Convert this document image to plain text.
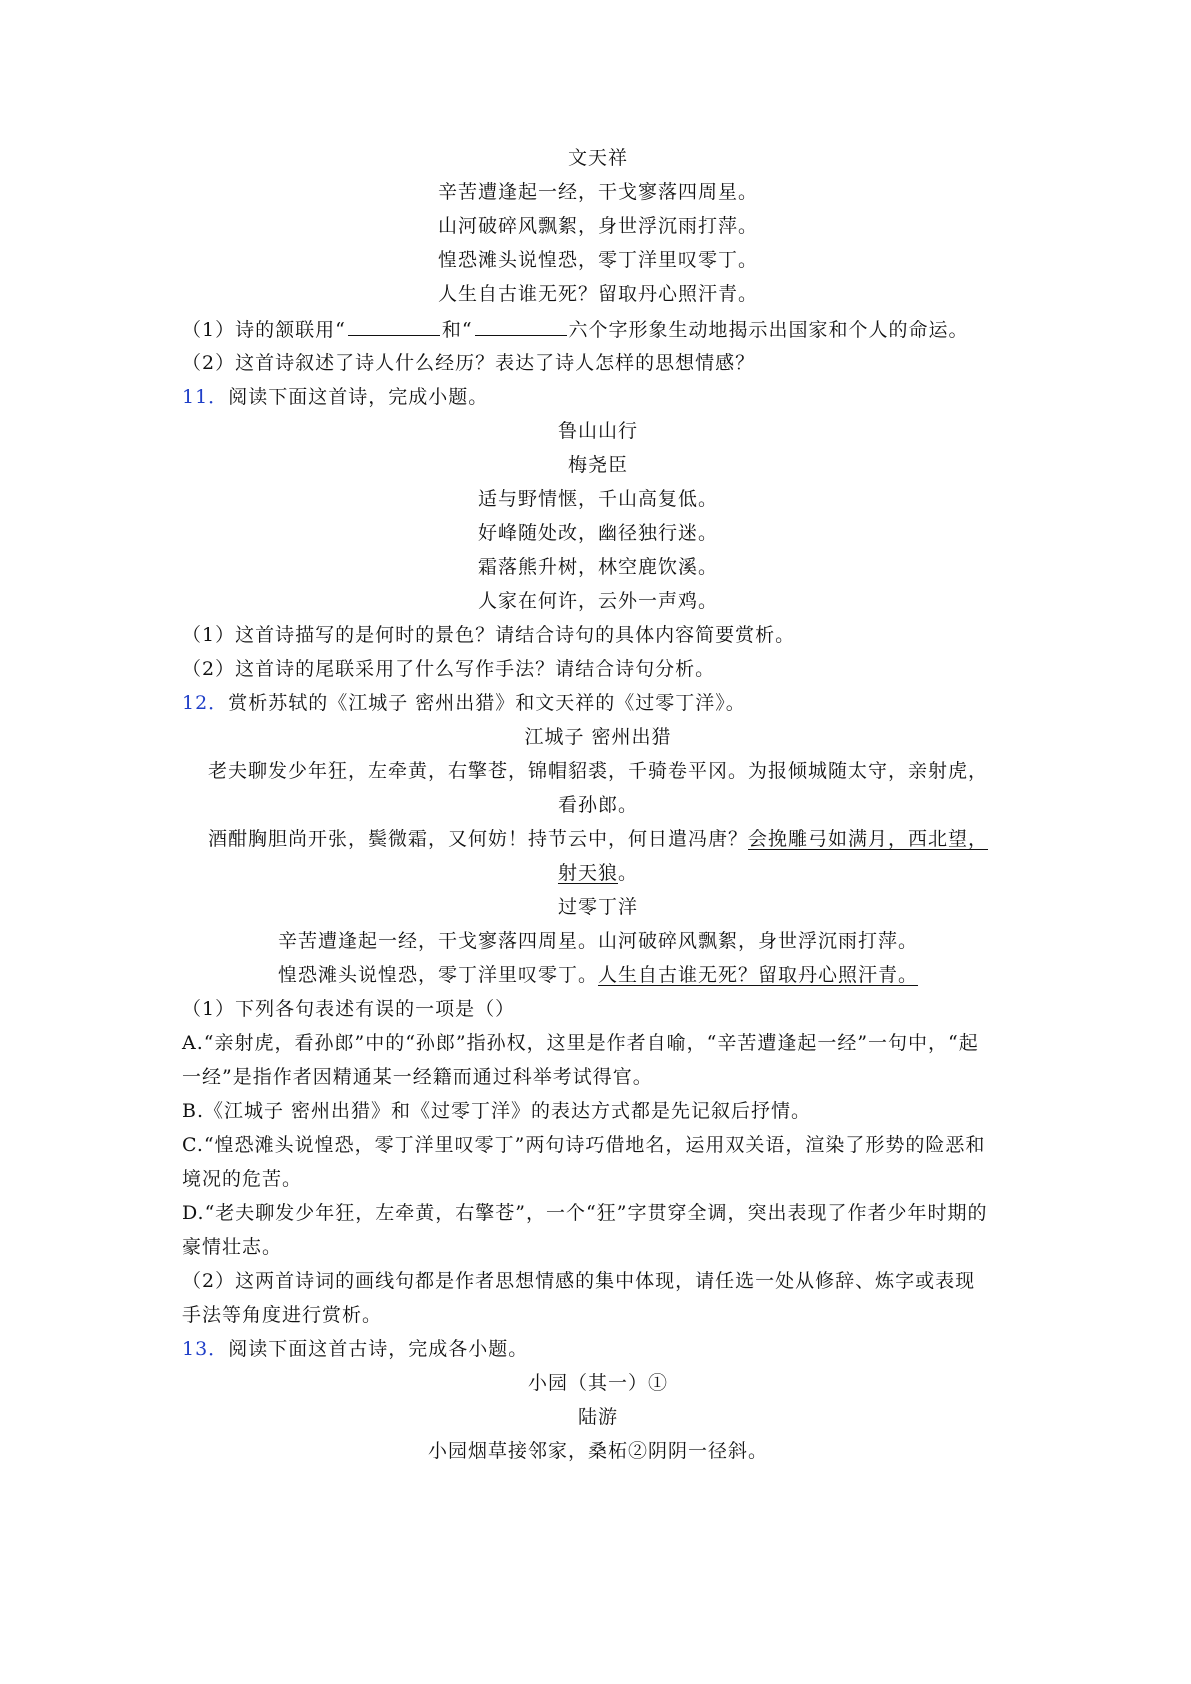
文天祥
辛苦遭逢起一经，干戈寥落四周星。
山河破碎风飘絮，身世浮沉雨打萍。
惶恐滩头说惶恐，零丁洋里叹零丁。
人生自古谁无死？留取丹心照汗青。
（1）诗的颔联用“	和“	六个字形象生动地揭示出国家和个人的命运。
（2）这首诗叙述了诗人什么经历？表达了诗人怎样的思想情感？
11．阅读下面这首诗，完成小题。
鲁山山行
梅尧臣
适与野情惬，千山高复低。
好峰随处改，幽径独行迷。
霜落熊升树，林空鹿饮溪。
人家在何许，云外一声鸡。
（1）这首诗描写的是何时的景色？请结合诗句的具体内容简要赏析。
（2）这首诗的尾联采用了什么写作手法？请结合诗句分析。
12．赏析苏轼的《江城子 密州出猎》和文天祥的《过零丁洋》。
江城子 密州出猎
老夫聊发少年狂，左牵黄，右擎苍，锦帽貂裘，千骑卷平冈。为报倾城随太守，亲射虎，
看孙郎。
酒酣胸胆尚开张，鬓微霜，又何妨！持节云中，何日遣冯唐？会挽雕弓如满月，西北望，
射天狼。
过零丁洋
辛苦遭逢起一经，干戈寥落四周星。山河破碎风飘絮，身世浮沉雨打萍。
惶恐滩头说惶恐，零丁洋里叹零丁。人生自古谁无死？留取丹心照汗青。
（1）下列各句表述有误的一项是（）
A.“亲射虎，看孙郎”中的“孙郎”指孙权，这里是作者自喻，“辛苦遭逢起一经”一句中，“起
一经”是指作者因精通某一经籍而通过科举考试得官。
B.《江城子 密州出猎》和《过零丁洋》的表达方式都是先记叙后抒情。
C.“惶恐滩头说惶恐，零丁洋里叹零丁”两句诗巧借地名，运用双关语，渲染了形势的险恶和
境况的危苦。
D.“老夫聊发少年狂，左牵黄，右擎苍”，一个“狂”字贯穿全调，突出表现了作者少年时期的
豪情壮志。
（2）这两首诗词的画线句都是作者思想情感的集中体现，请任选一处从修辞、炼字或表现
手法等角度进行赏析。
13．阅读下面这首古诗，完成各小题。
小园（其一）①
陆游
小园烟草接邻家，桑柘②阴阴一径斜。
